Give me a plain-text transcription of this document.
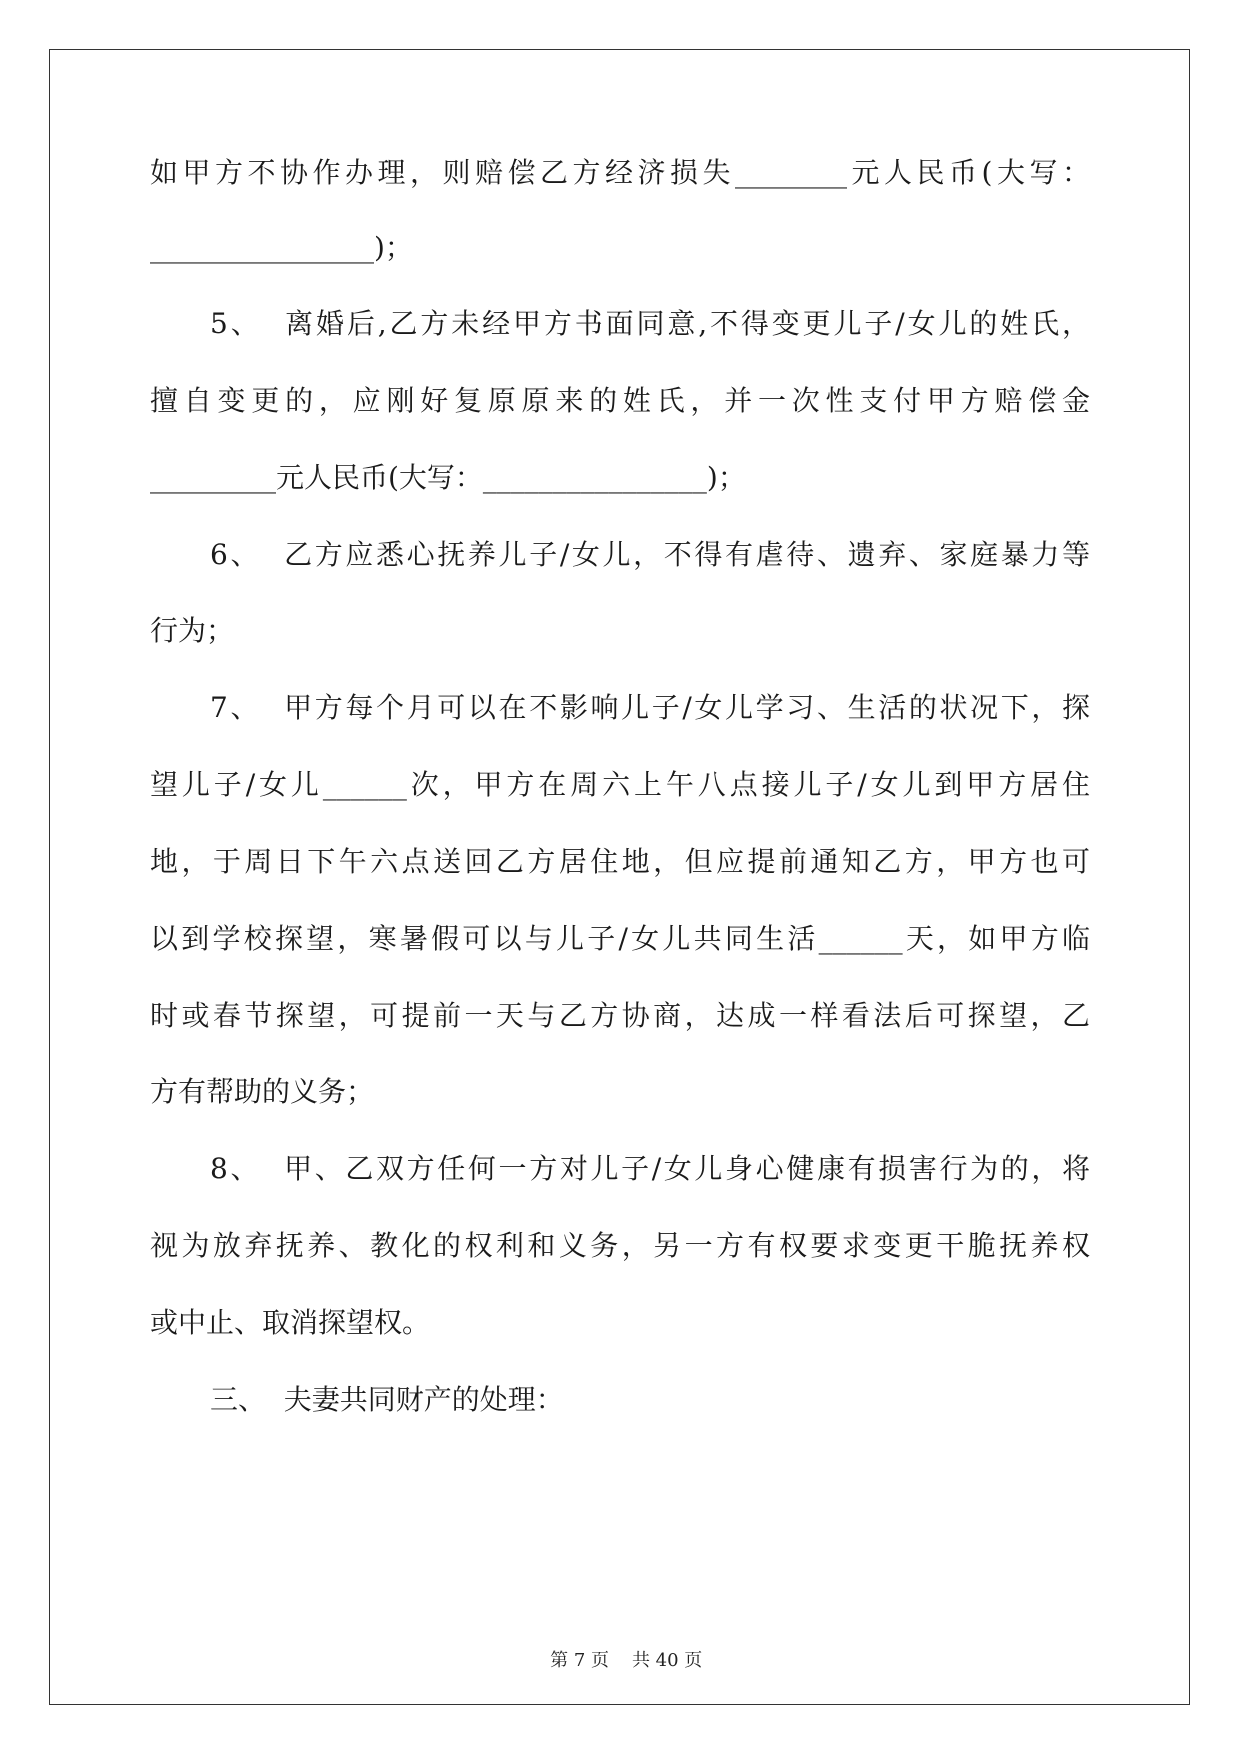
如甲方不协作办理，则赔偿乙方经济损失________元人民币(大写：
________________)；
5、  离婚后,乙方未经甲方书面同意,不得变更儿子/女儿的姓氏，
擅自变更的，应刚好复原原来的姓氏，并一次性支付甲方赔偿金
_________元人民币(大写：________________)；
6、  乙方应悉心抚养儿子/女儿，不得有虐待、遗弃、家庭暴力等
行为；
7、  甲方每个月可以在不影响儿子/女儿学习、生活的状况下，探
望儿子/女儿______次，甲方在周六上午八点接儿子/女儿到甲方居住
地，于周日下午六点送回乙方居住地，但应提前通知乙方，甲方也可
以到学校探望，寒暑假可以与儿子/女儿共同生活______天，如甲方临
时或春节探望，可提前一天与乙方协商，达成一样看法后可探望，乙
方有帮助的义务；
8、  甲、乙双方任何一方对儿子/女儿身心健康有损害行为的，将
视为放弃抚养、教化的权利和义务，另一方有权要求变更干脆抚养权
或中止、取消探望权。
三、  夫妻共同财产的处理：

第 7 页    共 40 页
